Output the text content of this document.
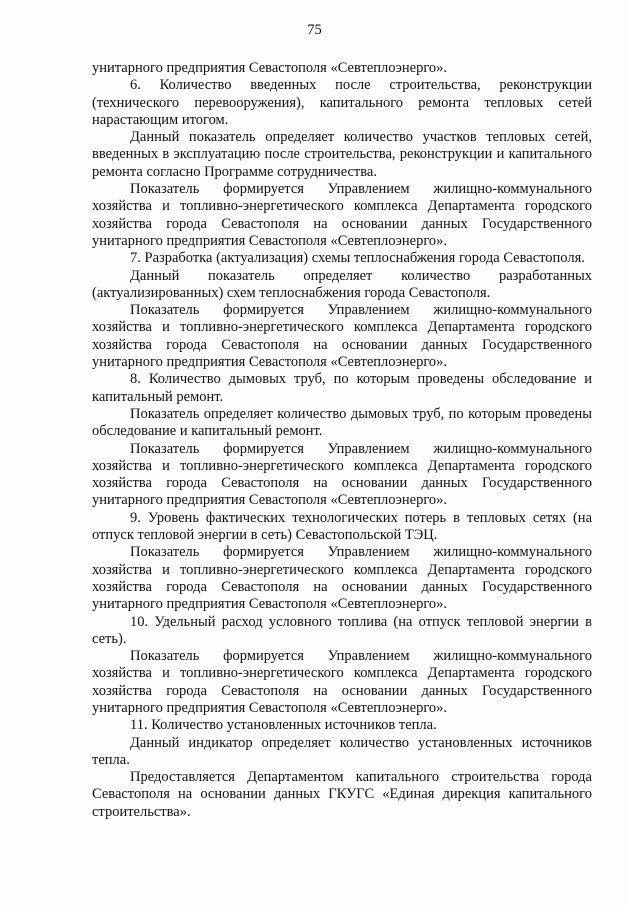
75

унитарного предприятия Севастополя «Севтеплоэнерго».

6. Количество введенных после строительства, реконструкции (технического перевооружения), капитального ремонта тепловых сетей нарастающим итогом.

Данный показатель определяет количество участков тепловых сетей, введенных в эксплуатацию после строительства, реконструкции и капитального ремонта согласно Программе сотрудничества.

Показатель формируется Управлением жилищно-коммунального хозяйства и топливно-энергетического комплекса Департамента городского хозяйства города Севастополя на основании данных Государственного унитарного предприятия Севастополя «Севтеплоэнерго».

7. Разработка (актуализация) схемы теплоснабжения города Севастополя.

Данный показатель определяет количество разработанных (актуализированных) схем теплоснабжения города Севастополя.

Показатель формируется Управлением жилищно-коммунального хозяйства и топливно-энергетического комплекса Департамента городского хозяйства города Севастополя на основании данных Государственного унитарного предприятия Севастополя «Севтеплоэнерго».

8. Количество дымовых труб, по которым проведены обследование и капитальный ремонт.

Показатель определяет количество дымовых труб, по которым проведены обследование и капитальный ремонт.

Показатель формируется Управлением жилищно-коммунального хозяйства и топливно-энергетического комплекса Департамента городского хозяйства города Севастополя на основании данных Государственного унитарного предприятия Севастополя «Севтеплоэнерго».

9. Уровень фактических технологических потерь в тепловых сетях (на отпуск тепловой энергии в сеть) Севастопольской ТЭЦ.

Показатель формируется Управлением жилищно-коммунального хозяйства и топливно-энергетического комплекса Департамента городского хозяйства города Севастополя на основании данных Государственного унитарного предприятия Севастополя «Севтеплоэнерго».

10. Удельный расход условного топлива (на отпуск тепловой энергии в сеть).

Показатель формируется Управлением жилищно-коммунального хозяйства и топливно-энергетического комплекса Департамента городского хозяйства города Севастополя на основании данных Государственного унитарного предприятия Севастополя «Севтеплоэнерго».

11. Количество установленных источников тепла.

Данный индикатор определяет количество установленных источников тепла.

Предоставляется Департаментом капитального строительства города Севастополя на основании данных ГКУГС «Единая дирекция капитального строительства».
